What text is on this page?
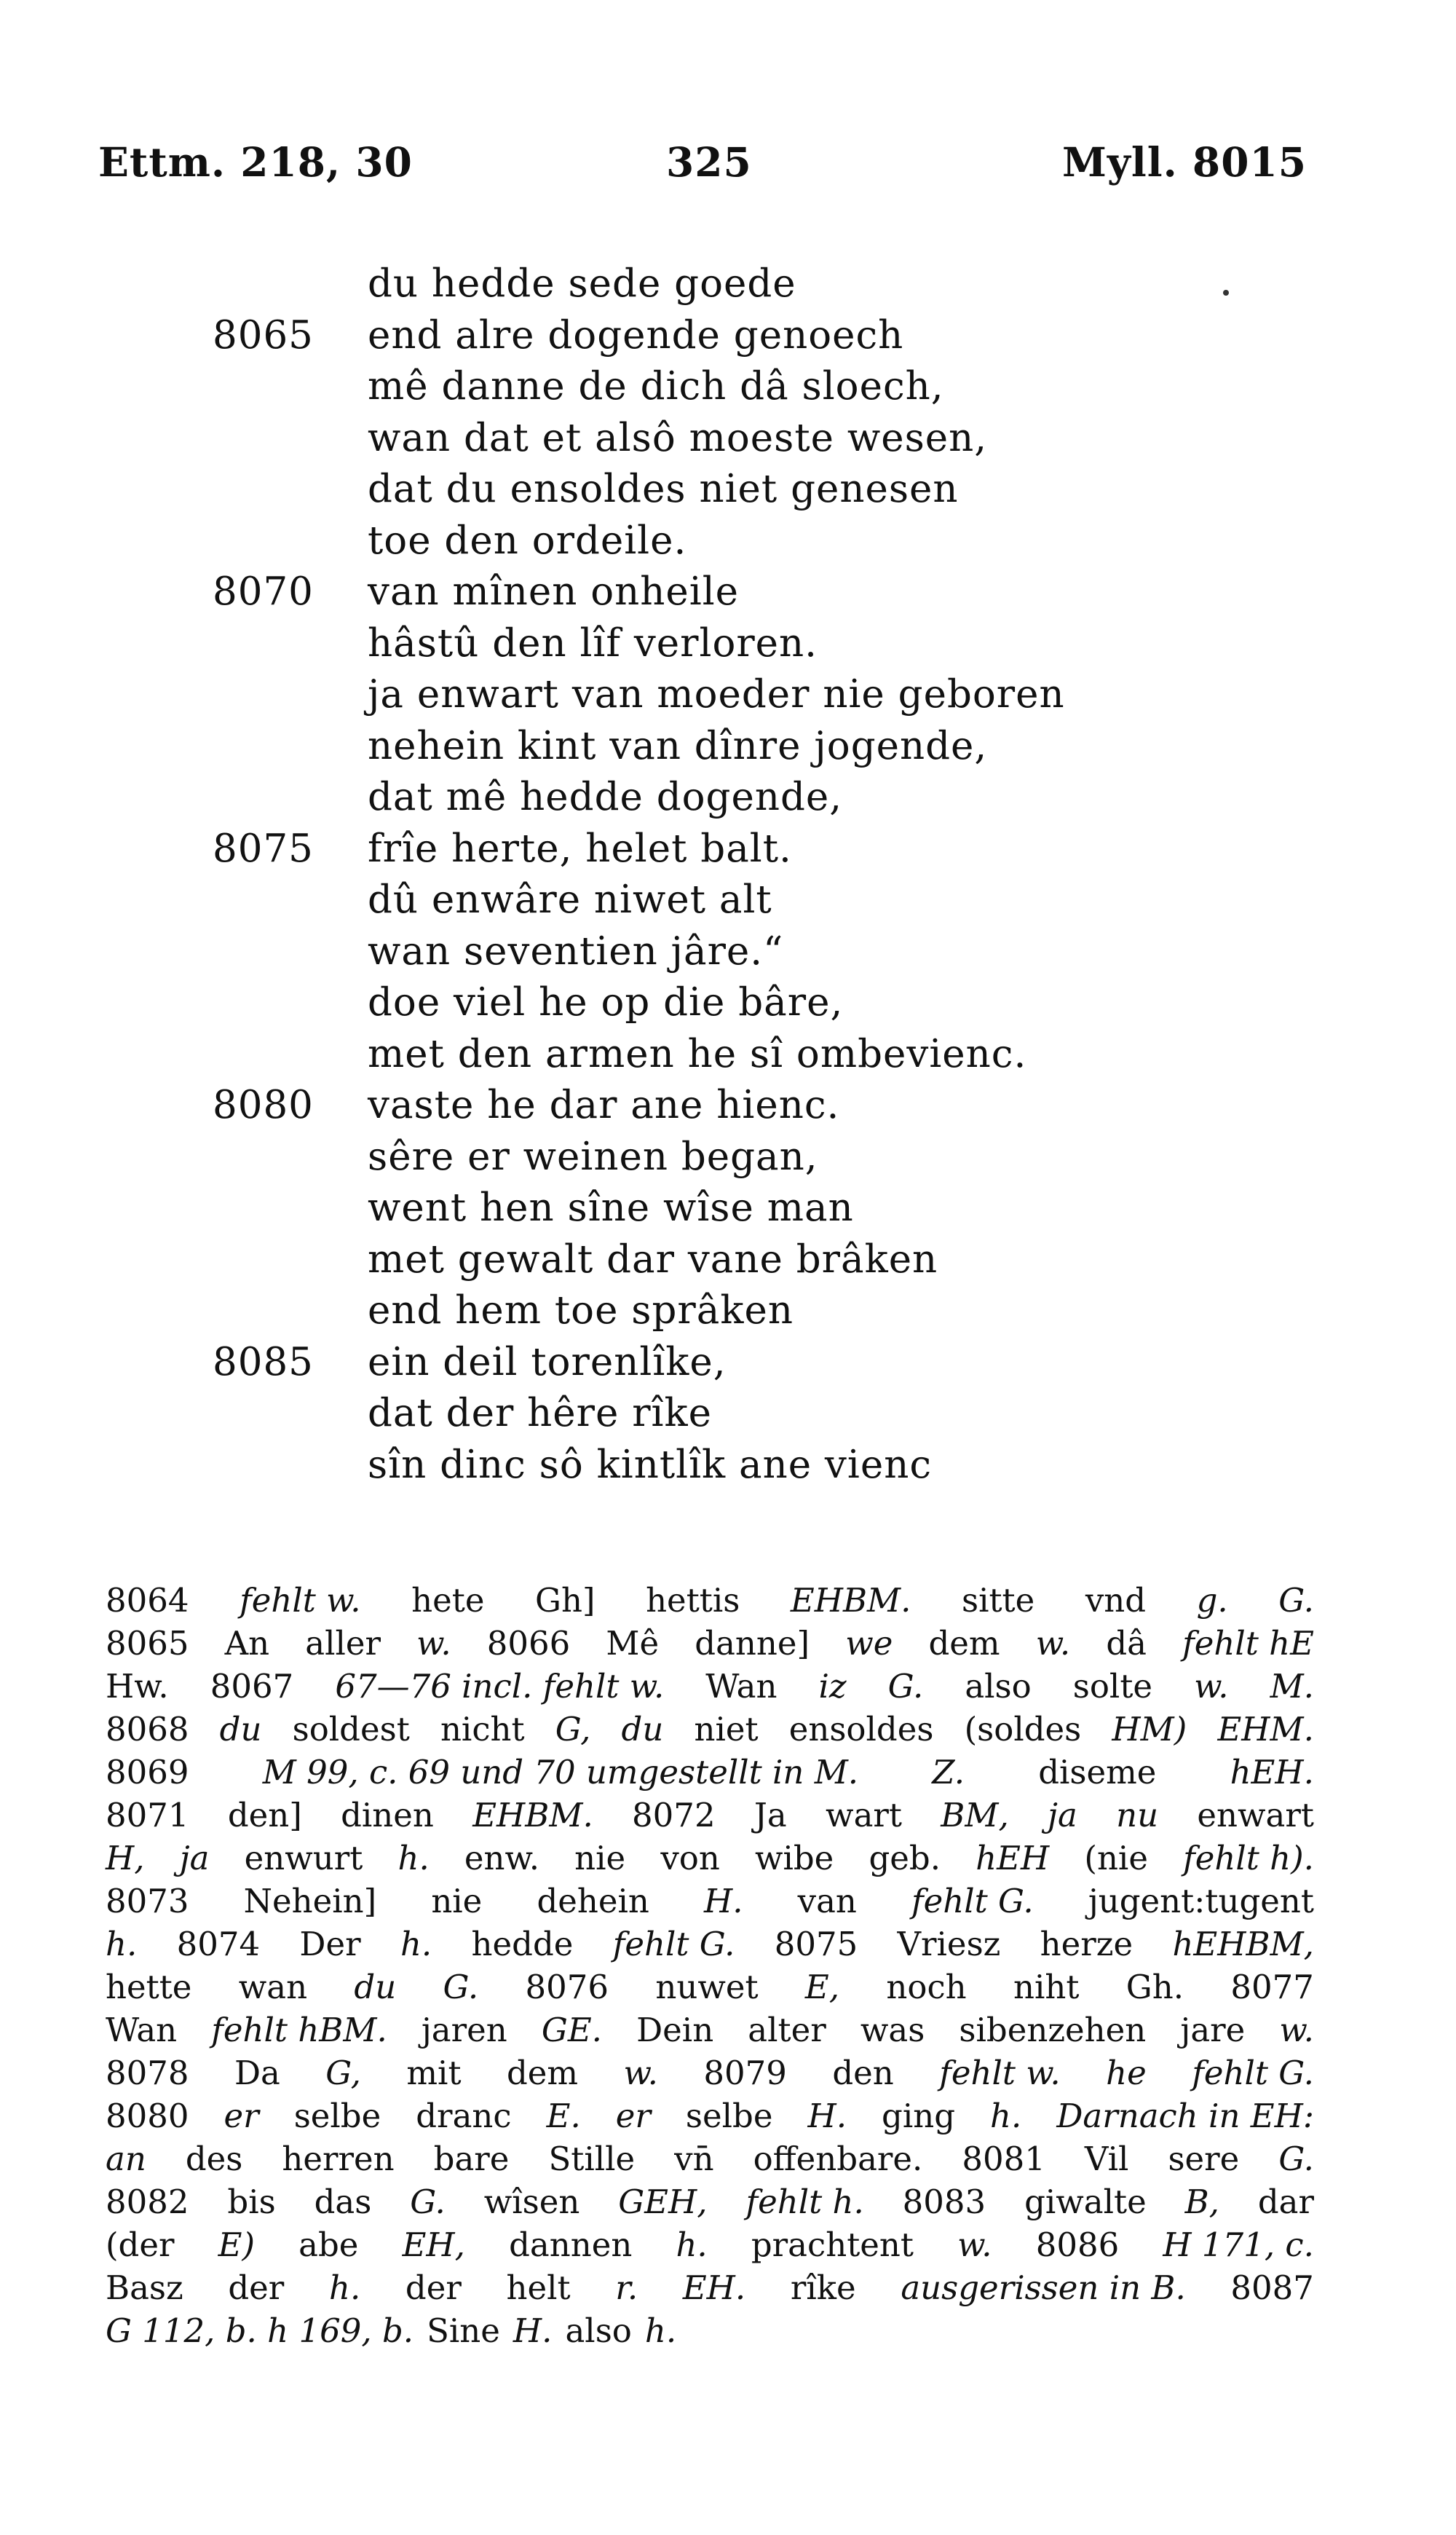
Ettm. 218, 30	325	Myll. 8015
du hedde sede goede
8065	end alre dogende genoech
mê danne de dich dâ sloech,
wan dat et alsô moeste wesen,
dat du ensoldes niet genesen
toe den ordeile.
8070	van mînen onheile
hâstû den lîf verloren.
ja enwart van moeder nie geboren
nehein kint van dînre jogende,
dat mê hedde dogende,
8075	frîe herte, helet balt.
dû enwâre niwet alt
wan seventien jâre.“
doe viel he op die bâre,
met den armen he sî ombevienc.
8080	vaste he dar ane hienc.
sêre er weinen began,
went hen sîne wîse man
met gewalt dar vane brâken
end hem toe sprâken
8085	ein deil torenlîke,
dat der hêre rîke
sîn dinc sô kintlîk ane vienc
8064 fehlt w. hete Gh] hettis EHBM. sitte vnd g. G.
8065 An aller w. 8066 Mê danne] we dem w. dâ fehlt hE
Hw. 8067 67—76 incl. fehlt w. Wan iz G. also solte w. M.
8068 du soldest nicht G, du niet ensoldes (soldes HM) EHM.
8069 M 99, c. 69 und 70 umgestellt in M. Z. diseme hEH.
8071 den] dinen EHBM. 8072 Ja wart BM, ja nu enwart
H, ja enwurt h. enw. nie von wibe geb. hEH (nie fehlt h).
8073 Nehein] nie dehein H. van fehlt G. jugent:tugent
h. 8074 Der h. hedde fehlt G. 8075 Vriesz herze hEHBM,
hette wan du G. 8076 nuwet E, noch niht Gh. 8077
Wan fehlt hBM. jaren GE. Dein alter was sibenzehen jare w.
8078 Da G, mit dem w. 8079 den fehlt w. he fehlt G.
8080 er selbe dranc E. er selbe H. ging h. Darnach in EH:
an des herren bare Stille vn̄ offenbare. 8081 Vil sere G.
8082 bis das G. wîsen GEH, fehlt h. 8083 giwalte B, dar
(der E) abe EH, dannen h. prachtent w. 8086 H 171, c.
Basz der h. der helt r. EH. rîke ausgerissen in B. 8087
G 112, b. h 169, b. Sine H. also h.
